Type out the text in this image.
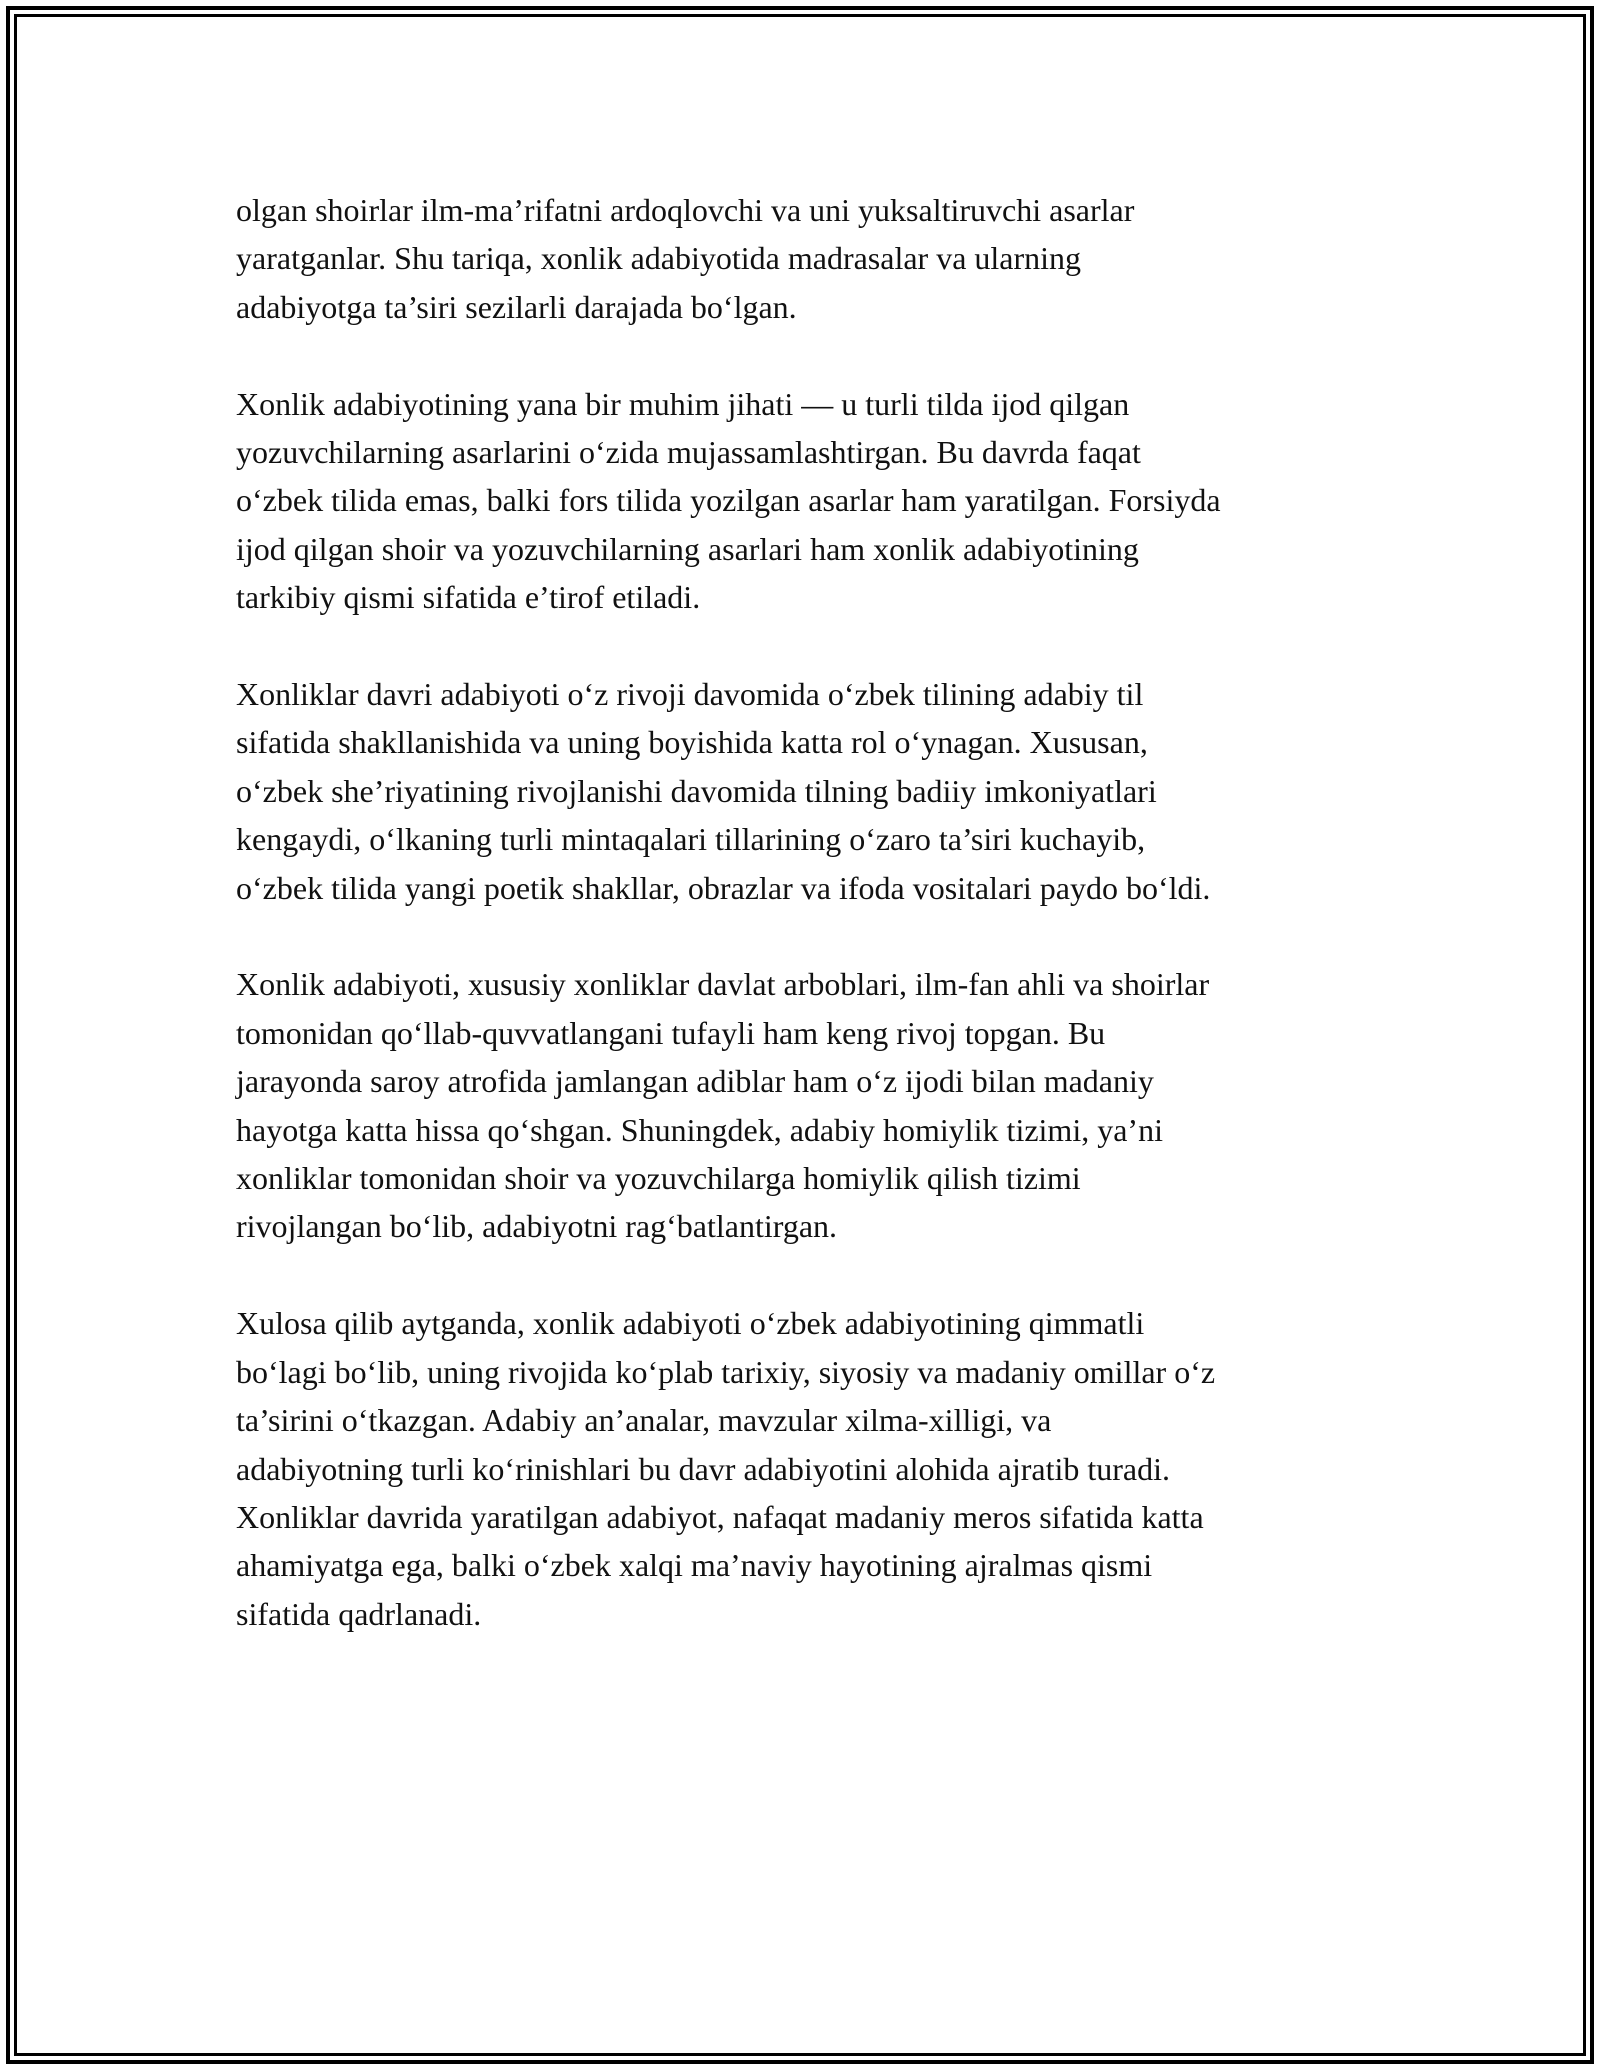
olgan shoirlar ilm-ma’rifatni ardoqlovchi va uni yuksaltiruvchi asarlar
yaratganlar. Shu tariqa, xonlik adabiyotida madrasalar va ularning
adabiyotga ta’siri sezilarli darajada bo‘lgan.

Xonlik adabiyotining yana bir muhim jihati — u turli tilda ijod qilgan
yozuvchilarning asarlarini o‘zida mujassamlashtirgan. Bu davrda faqat
o‘zbek tilida emas, balki fors tilida yozilgan asarlar ham yaratilgan. Forsiyda
ijod qilgan shoir va yozuvchilarning asarlari ham xonlik adabiyotining
tarkibiy qismi sifatida e’tirof etiladi.

Xonliklar davri adabiyoti o‘z rivoji davomida o‘zbek tilining adabiy til
sifatida shakllanishida va uning boyishida katta rol o‘ynagan. Xususan,
o‘zbek she’riyatining rivojlanishi davomida tilning badiiy imkoniyatlari
kengaydi, o‘lkaning turli mintaqalari tillarining o‘zaro ta’siri kuchayib,
o‘zbek tilida yangi poetik shakllar, obrazlar va ifoda vositalari paydo bo‘ldi.

Xonlik adabiyoti, xususiy xonliklar davlat arboblari, ilm-fan ahli va shoirlar
tomonidan qo‘llab-quvvatlangani tufayli ham keng rivoj topgan. Bu
jarayonda saroy atrofida jamlangan adiblar ham o‘z ijodi bilan madaniy
hayotga katta hissa qo‘shgan. Shuningdek, adabiy homiylik tizimi, ya’ni
xonliklar tomonidan shoir va yozuvchilarga homiylik qilish tizimi
rivojlangan bo‘lib, adabiyotni rag‘batlantirgan.

Xulosa qilib aytganda, xonlik adabiyoti o‘zbek adabiyotining qimmatli
bo‘lagi bo‘lib, uning rivojida ko‘plab tarixiy, siyosiy va madaniy omillar o‘z
ta’sirini o‘tkazgan. Adabiy an’analar, mavzular xilma-xilligi, va
adabiyotning turli ko‘rinishlari bu davr adabiyotini alohida ajratib turadi.
Xonliklar davrida yaratilgan adabiyot, nafaqat madaniy meros sifatida katta
ahamiyatga ega, balki o‘zbek xalqi ma’naviy hayotining ajralmas qismi
sifatida qadrlanadi.
